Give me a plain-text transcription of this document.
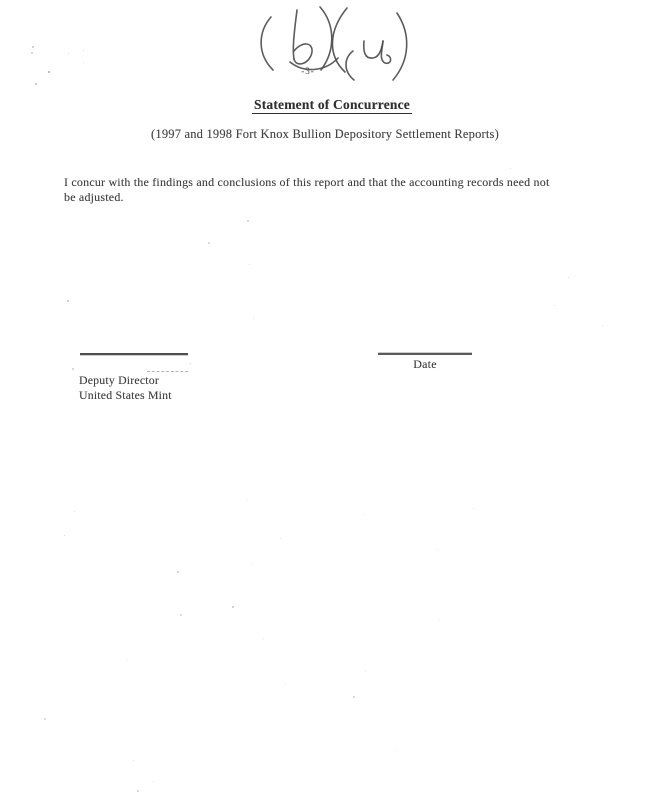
-3-
Statement of Concurrence
(1997 and 1998 Fort Knox Bullion Depository Settlement Reports)
I concur with the findings and conclusions of this report and that the accounting records need not
be adjusted.
Deputy Director
United States Mint
Date
